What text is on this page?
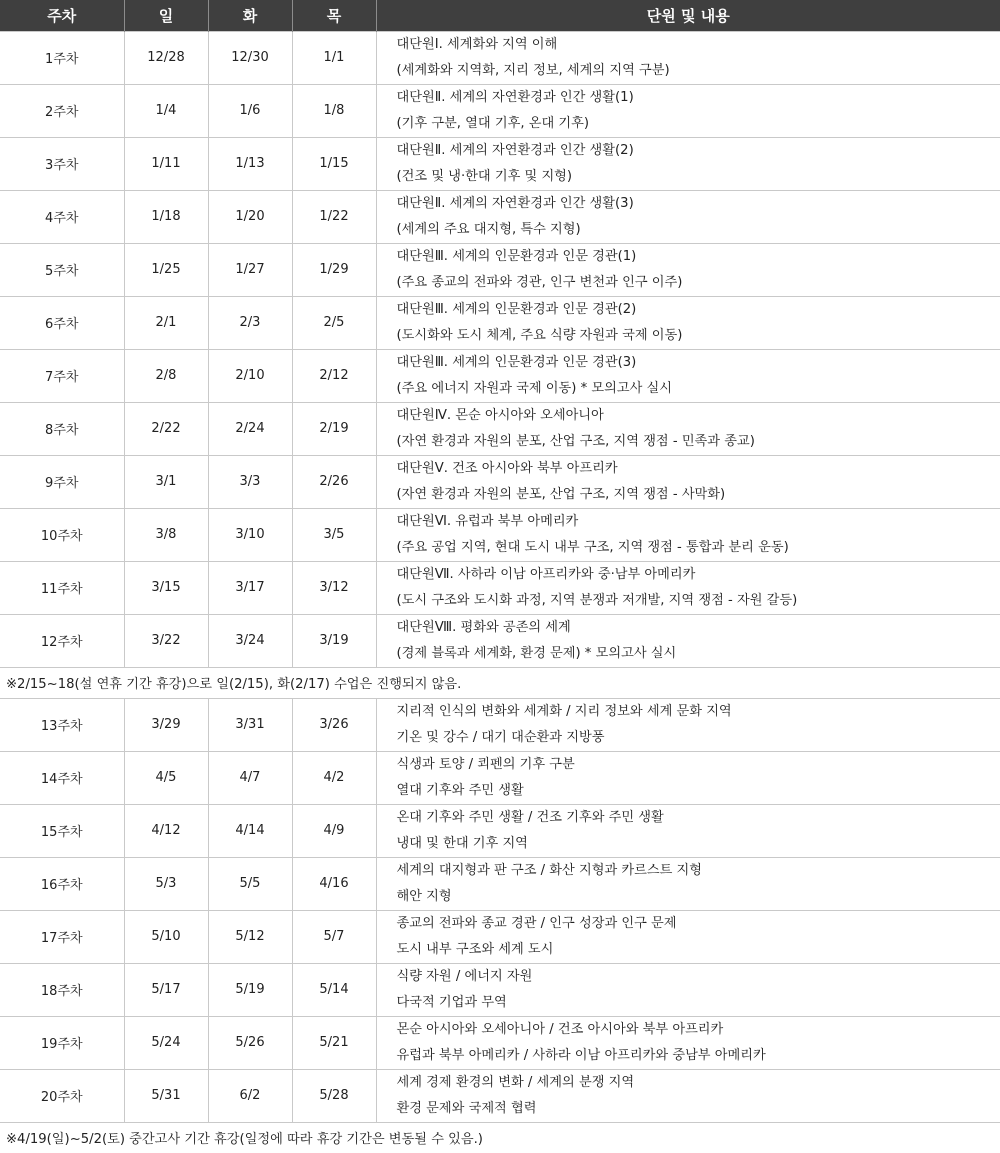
주차	일	화	목	단원 및 내용
1주차	12/28	12/30	1/1	대단원Ⅰ. 세계화와 지역 이해
(세계화와 지역화, 지리 정보, 세계의 지역 구분)

2주차	1/4	1/6	1/8	대단원Ⅱ. 세계의 자연환경과 인간 생활(1)
(기후 구분, 열대 기후, 온대 기후)

3주차	1/11	1/13	1/15	대단원Ⅱ. 세계의 자연환경과 인간 생활(2)
(건조 및 냉·한대 기후 및 지형)

4주차	1/18	1/20	1/22	대단원Ⅱ. 세계의 자연환경과 인간 생활(3)
(세계의 주요 대지형, 특수 지형)

5주차	1/25	1/27	1/29	대단원Ⅲ. 세계의 인문환경과 인문 경관(1)
(주요 종교의 전파와 경관, 인구 변천과 인구 이주)

6주차	2/1	2/3	2/5	대단원Ⅲ. 세계의 인문환경과 인문 경관(2)
(도시화와 도시 체계, 주요 식량 자원과 국제 이동)

7주차	2/8	2/10	2/12	대단원Ⅲ. 세계의 인문환경과 인문 경관(3)
(주요 에너지 자원과 국제 이동) * 모의고사 실시

8주차	2/22	2/24	2/19	대단원Ⅳ. 몬순 아시아와 오세아니아
(자연 환경과 자원의 분포, 산업 구조, 지역 쟁점 - 민족과 종교)

9주차	3/1	3/3	2/26	대단원Ⅴ. 건조 아시아와 북부 아프리카
(자연 환경과 자원의 분포, 산업 구조, 지역 쟁점 - 사막화)

10주차	3/8	3/10	3/5	대단원Ⅵ. 유럽과 북부 아메리카
(주요 공업 지역, 현대 도시 내부 구조, 지역 쟁점 - 통합과 분리 운동)

11주차	3/15	3/17	3/12	대단원Ⅶ. 사하라 이남 아프리카와 중·남부 아메리카
(도시 구조와 도시화 과정, 지역 분쟁과 저개발, 지역 쟁점 - 자원 갈등)

12주차	3/22	3/24	3/19	대단원Ⅷ. 평화와 공존의 세계
(경제 블록과 세계화, 환경 문제) * 모의고사 실시

※2/15~18(설 연휴 기간 휴강)으로 일(2/15), 화(2/17) 수업은 진행되지 않음.				
13주차	3/29	3/31	3/26	지리적 인식의 변화와 세계화 / 지리 정보와 세계 문화 지역
기온 및 강수 / 대기 대순환과 지방풍

14주차	4/5	4/7	4/2	식생과 토양 / 쾨펜의 기후 구분
열대 기후와 주민 생활

15주차	4/12	4/14	4/9	온대 기후와 주민 생활 / 건조 기후와 주민 생활
냉대 및 한대 기후 지역

16주차	5/3	5/5	4/16	세계의 대지형과 판 구조 / 화산 지형과 카르스트 지형
해안 지형

17주차	5/10	5/12	5/7	종교의 전파와 종교 경관 / 인구 성장과 인구 문제
도시 내부 구조와 세계 도시

18주차	5/17	5/19	5/14	식량 자원 / 에너지 자원
다국적 기업과 무역

19주차	5/24	5/26	5/21	몬순 아시아와 오세아니아 / 건조 아시아와 북부 아프리카
유럽과 북부 아메리카 / 사하라 이남 아프리카와 중남부 아메리카

20주차	5/31	6/2	5/28	세계 경제 환경의 변화 / 세계의 분쟁 지역
환경 문제와 국제적 협력

※4/19(일)~5/2(토) 중간고사 기간 휴강(일정에 따라 휴강 기간은 변동될 수 있음.)				
